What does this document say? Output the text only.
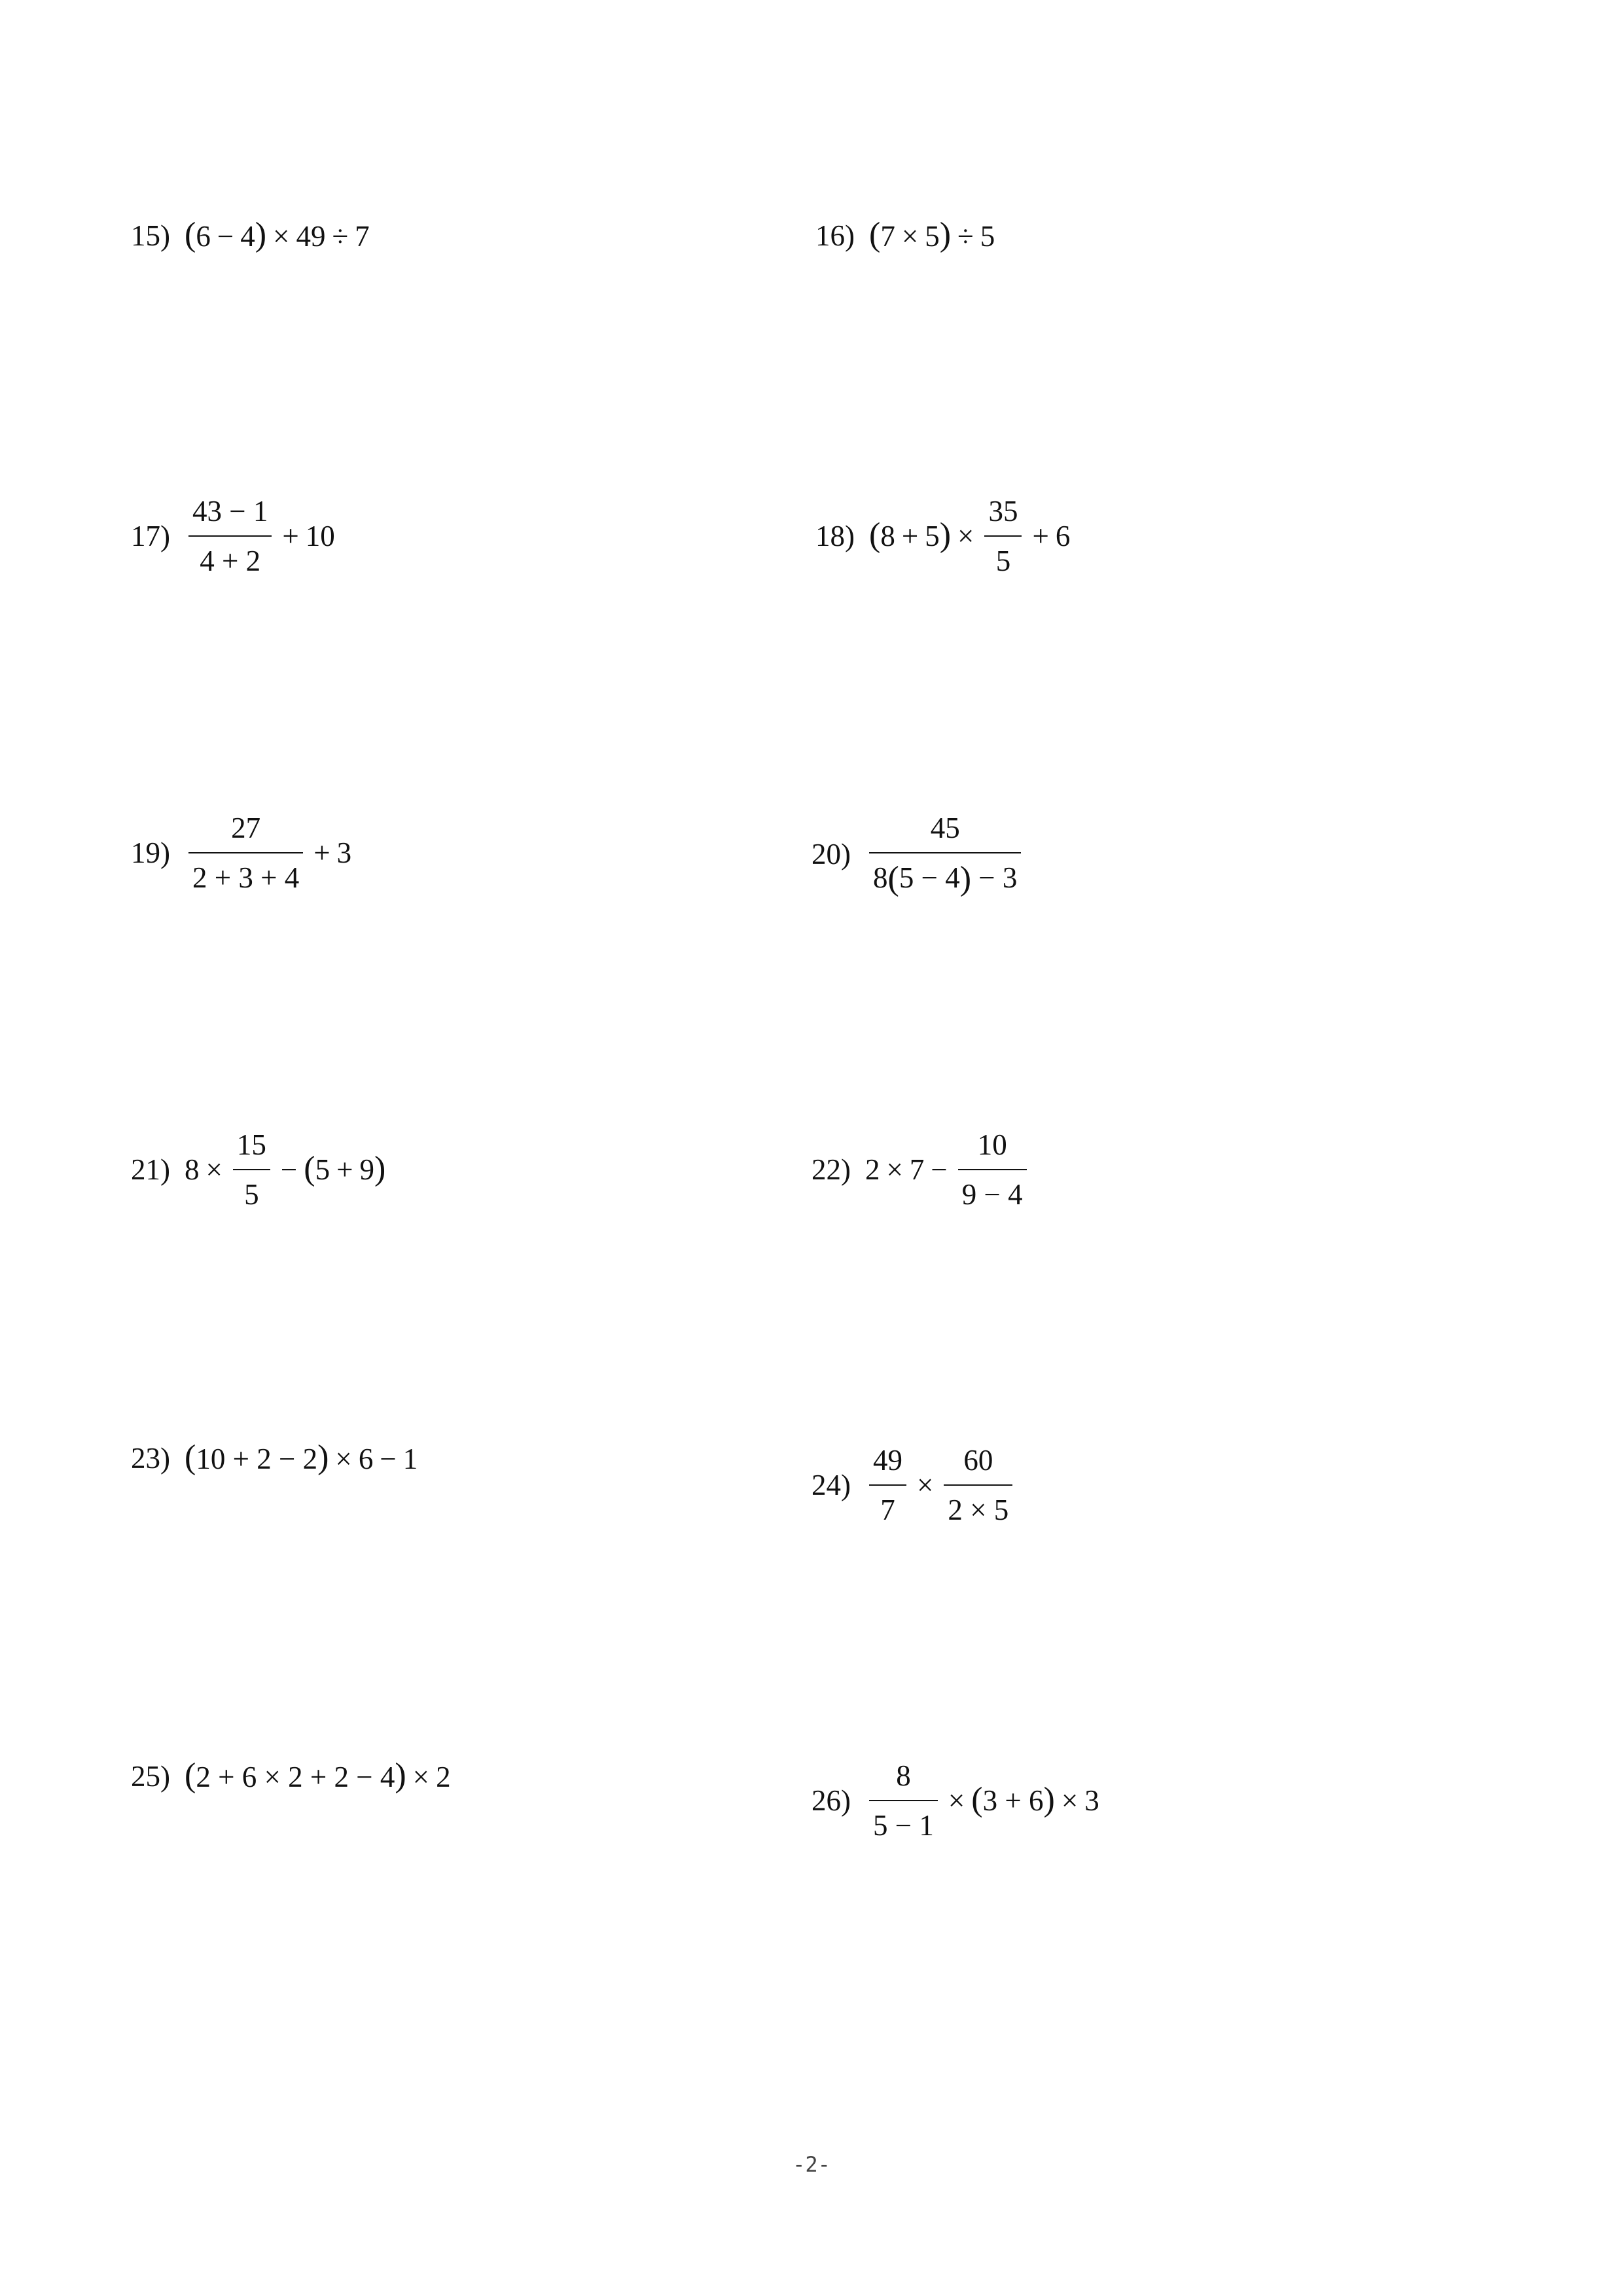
15) (6 − 4) × 49 ÷ 7	16) (7 × 5) ÷ 5
$17) \frac{43 - 1}{4 + 2} + 10$	18) $(8 + 5) \times \frac{35}{5} + 6$
$19) \frac{27}{2 + 3 + 4} + 3$	$20) \frac{45}{8(5 - 4) - 3}$
21) $8 \times \frac{15}{5} - (5 + 9)$	22) $2 \times 7 - \frac{10}{9 - 4}$
23) (10 + 2 − 2) × 6 − 1
$24) \frac{49}{7} \times \frac{60}{2 \times 5}$
25) (2 + 6 × 2 + 2 − 4) × 2
$26) \frac{8}{5 - 1} \times (3 + 6) \times 3$
-2-
